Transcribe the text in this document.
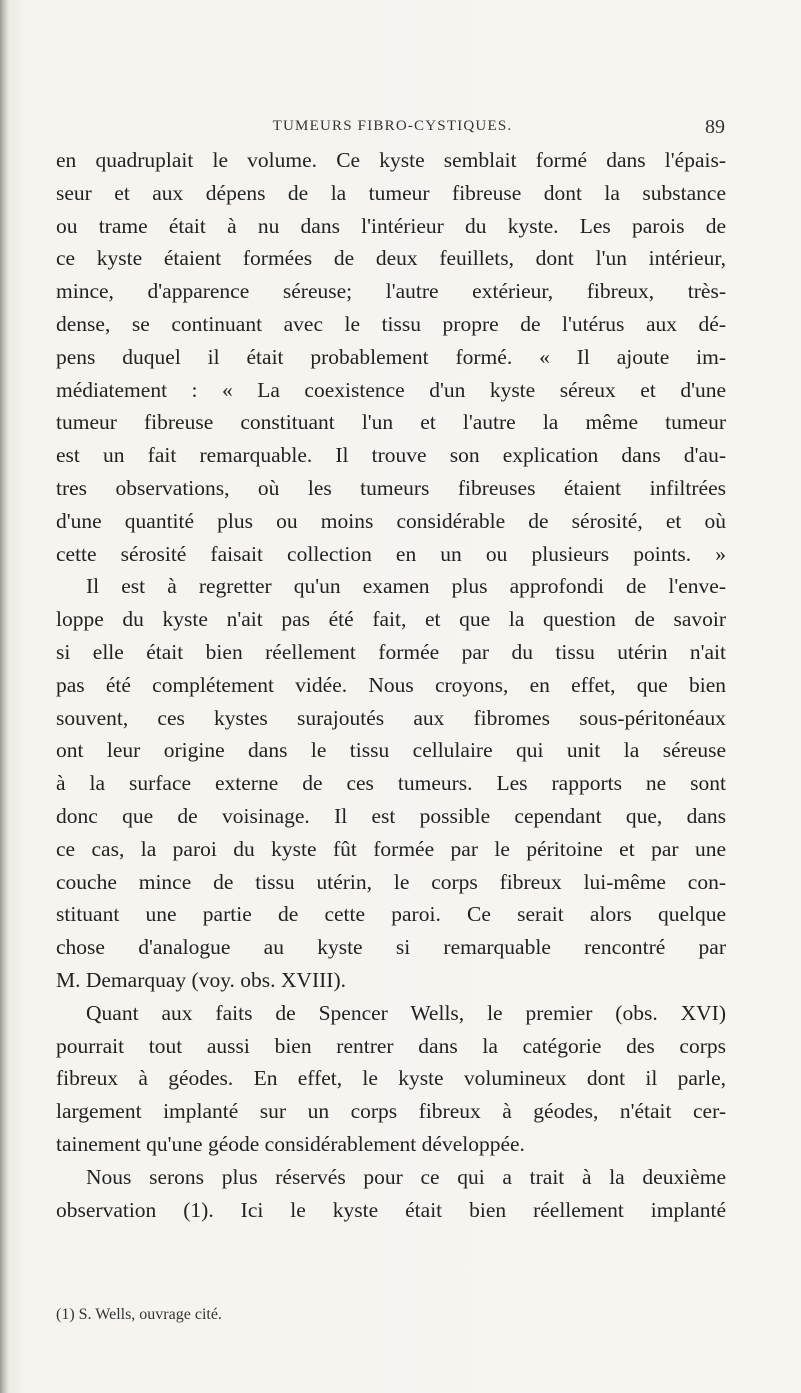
TUMEURS FIBRO-CYSTIQUES.	89
en quadruplait le volume. Ce kyste semblait formé dans l'épais-
seur et aux dépens de la tumeur fibreuse dont la substance
ou trame était à nu dans l'intérieur du kyste. Les parois de
ce kyste étaient formées de deux feuillets, dont l'un intérieur,
mince, d'apparence séreuse; l'autre extérieur, fibreux, très-
dense, se continuant avec le tissu propre de l'utérus aux dé-
pens duquel il était probablement formé. « Il ajoute im-
médiatement : « La coexistence d'un kyste séreux et d'une
tumeur fibreuse constituant l'un et l'autre la même tumeur
est un fait remarquable. Il trouve son explication dans d'au-
tres observations, où les tumeurs fibreuses étaient infiltrées
d'une quantité plus ou moins considérable de sérosité, et où
cette sérosité faisait collection en un ou plusieurs points. »
Il est à regretter qu'un examen plus approfondi de l'enve-
loppe du kyste n'ait pas été fait, et que la question de savoir
si elle était bien réellement formée par du tissu utérin n'ait
pas été complétement vidée. Nous croyons, en effet, que bien
souvent, ces kystes surajoutés aux fibromes sous-péritonéaux
ont leur origine dans le tissu cellulaire qui unit la séreuse
à la surface externe de ces tumeurs. Les rapports ne sont
donc que de voisinage. Il est possible cependant que, dans
ce cas, la paroi du kyste fût formée par le péritoine et par une
couche mince de tissu utérin, le corps fibreux lui-même con-
stituant une partie de cette paroi. Ce serait alors quelque
chose d'analogue au kyste si remarquable rencontré par
M. Demarquay (voy. obs. XVIII).
Quant aux faits de Spencer Wells, le premier (obs. XVI)
pourrait tout aussi bien rentrer dans la catégorie des corps
fibreux à géodes. En effet, le kyste volumineux dont il parle,
largement implanté sur un corps fibreux à géodes, n'était cer-
tainement qu'une géode considérablement développée.
Nous serons plus réservés pour ce qui a trait à la deuxième
observation (1). Ici le kyste était bien réellement implanté
(1) S. Wells, ouvrage cité.
